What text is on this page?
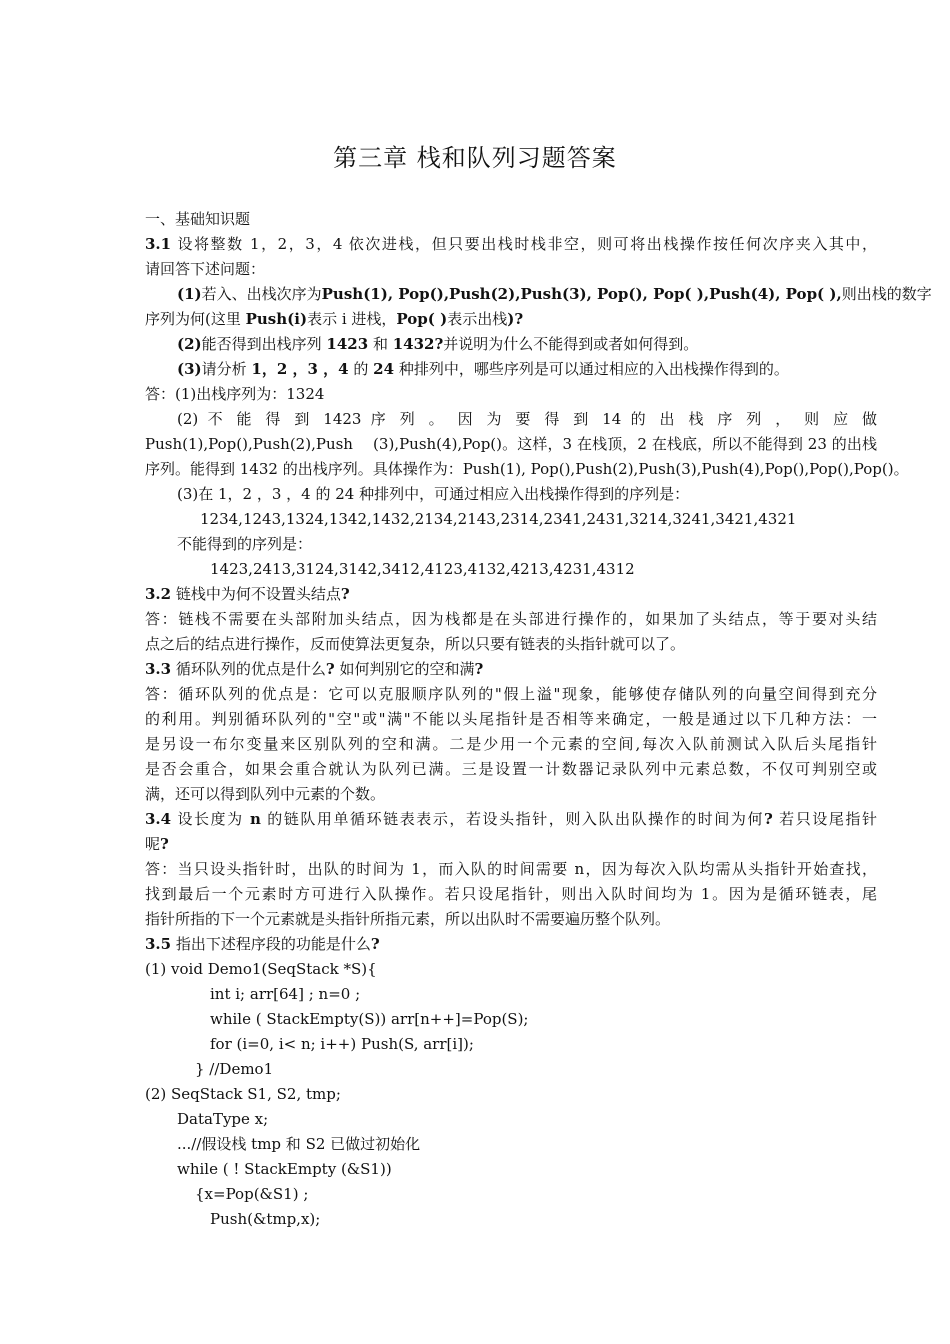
第三章 栈和队列习题答案
一、基础知识题
3.1 设将整数 1，2，3，4 依次进栈，但只要出栈时栈非空，则可将出栈操作按任何次序夹入其中，
请回答下述问题：
(1)若入、出栈次序为Push(1), Pop(),Push(2),Push(3), Pop(), Pop( ),Push(4), Pop( ),则出栈的数字
序列为何(这里 Push(i)表示 i 进栈，Pop( )表示出栈)?
(2)能否得到出栈序列 1423 和 1432?并说明为什么不能得到或者如何得到。
(3)请分析 1，2 ，3 ，4 的 24 种排列中，哪些序列是可以通过相应的入出栈操作得到的。
答：(1)出栈序列为：1324
(2) 不 能 得 到 1423 序 列 。 因 为 要 得 到 14 的 出 栈 序 列 ， 则 应 做
Push(1),Pop(),Push(2),Push　 (3),Push(4),Pop()。这样，3 在栈顶，2 在栈底，所以不能得到 23 的出栈
序列。能得到 1432 的出栈序列。具体操作为：Push(1), Pop(),Push(2),Push(3),Push(4),Pop(),Pop(),Pop()。
(3)在 1，2 ，3 ，4 的 24 种排列中，可通过相应入出栈操作得到的序列是：
1234,1243,1324,1342,1432,2134,2143,2314,2341,2431,3214,3241,3421,4321
不能得到的序列是：
1423,2413,3124,3142,3412,4123,4132,4213,4231,4312
3.2 链栈中为何不设置头结点?
答：链栈不需要在头部附加头结点，因为栈都是在头部进行操作的，如果加了头结点，等于要对头结
点之后的结点进行操作，反而使算法更复杂，所以只要有链表的头指针就可以了。
3.3 循环队列的优点是什么? 如何判别它的空和满?
答：循环队列的优点是：它可以克服顺序队列的"假上溢"现象，能够使存储队列的向量空间得到充分
的利用。判别循环队列的"空"或"满"不能以头尾指针是否相等来确定，一般是通过以下几种方法：一
是另设一布尔变量来区别队列的空和满。二是少用一个元素的空间,每次入队前测试入队后头尾指针
是否会重合，如果会重合就认为队列已满。三是设置一计数器记录队列中元素总数，不仅可判别空或
满，还可以得到队列中元素的个数。
3.4 设长度为 n 的链队用单循环链表表示，若设头指针，则入队出队操作的时间为何? 若只设尾指针
呢?
答：当只设头指针时，出队的时间为 1，而入队的时间需要 n，因为每次入队均需从头指针开始查找，
找到最后一个元素时方可进行入队操作。若只设尾指针，则出入队时间均为 1。因为是循环链表，尾
指针所指的下一个元素就是头指针所指元素，所以出队时不需要遍历整个队列。
3.5 指出下述程序段的功能是什么?
(1) void Demo1(SeqStack *S){
int i; arr[64] ; n=0 ;
while ( StackEmpty(S)) arr[n++]=Pop(S);
for (i=0, i< n; i++) Push(S, arr[i]);
} //Demo1
(2) SeqStack S1, S2, tmp;
DataType x;
...//假设栈 tmp 和 S2 已做过初始化
while ( ! StackEmpty (&S1))
{x=Pop(&S1) ;
Push(&tmp,x);
